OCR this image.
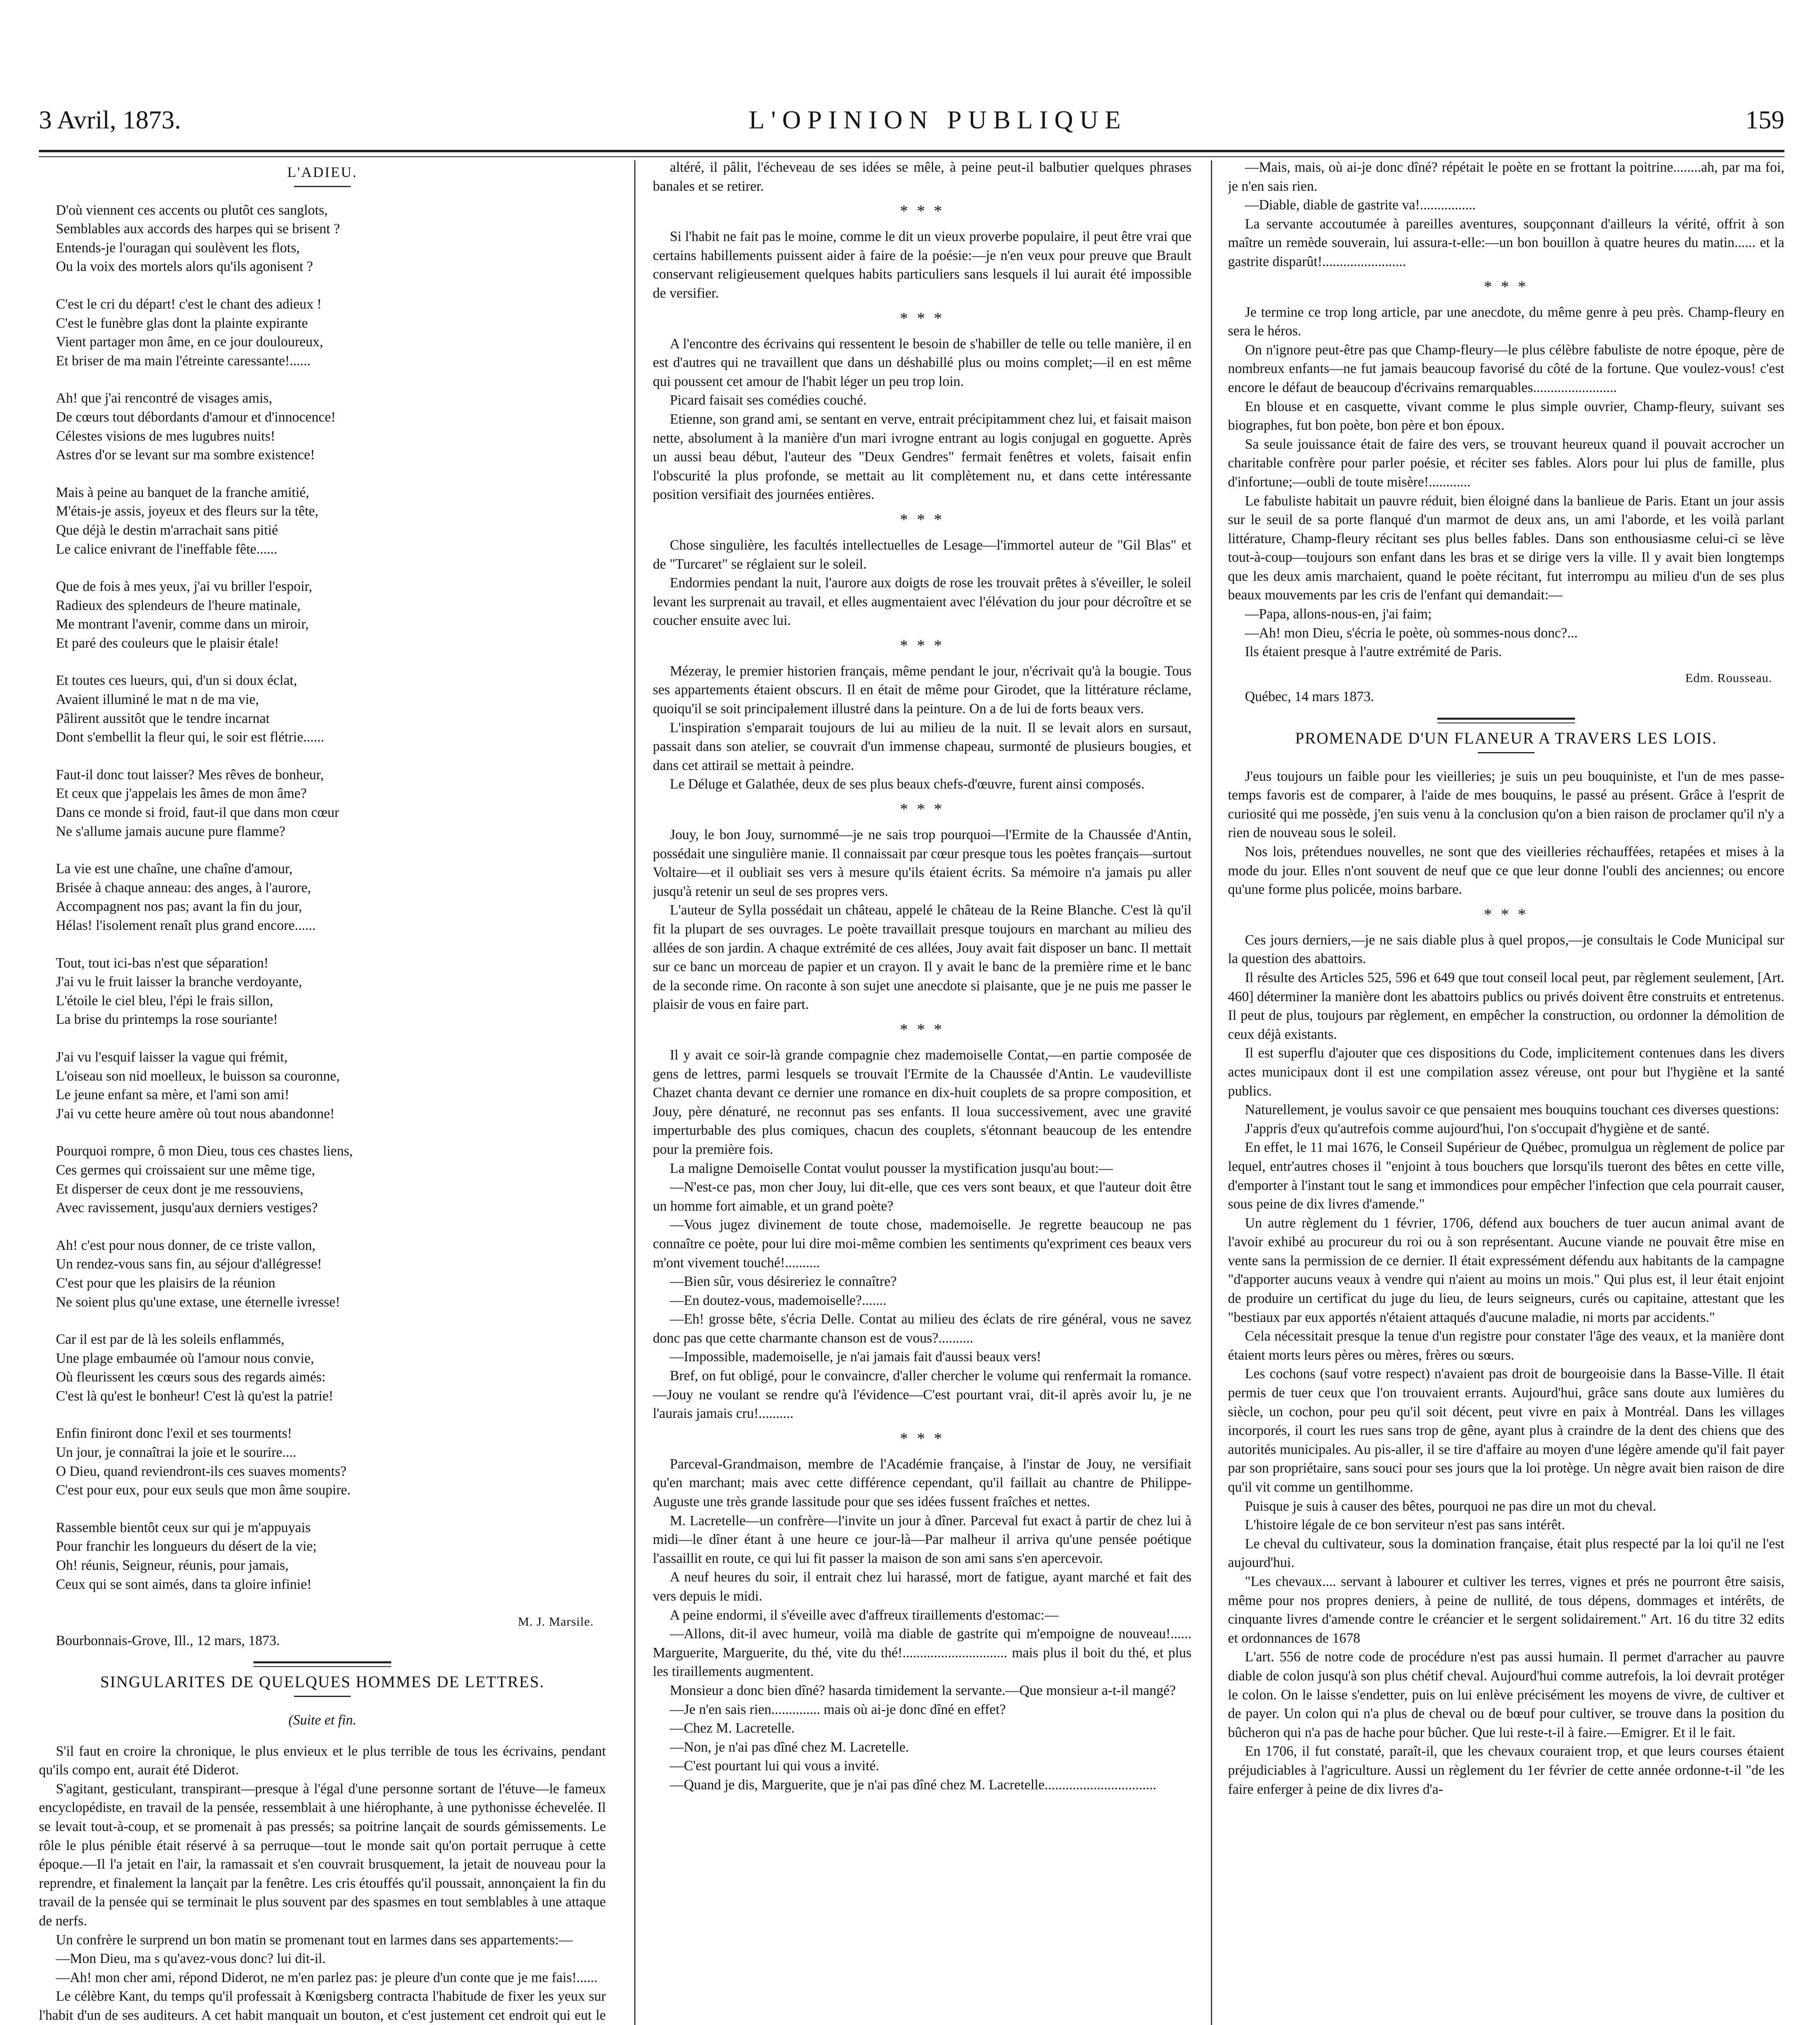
3 Avril, 1873.	L'OPINION PUBLIQUE	159
L'ADIEU.

D'où viennent ces accents ou plutôt ces sanglots,

Semblables aux accords des harpes qui se brisent ?

Entends-je l'ouragan qui soulèvent les flots,

Ou la voix des mortels alors qu'ils agonisent ?

C'est le cri du départ! c'est le chant des adieux !

C'est le funèbre glas dont la plainte expirante

Vient partager mon âme, en ce jour douloureux,

Et briser de ma main l'étreinte caressante!......

Ah! que j'ai rencontré de visages amis,

De cœurs tout débordants d'amour et d'innocence!

Célestes visions de mes lugubres nuits!

Astres d'or se levant sur ma sombre existence!

Mais à peine au banquet de la franche amitié,

M'étais-je assis, joyeux et des fleurs sur la tête,

Que déjà le destin m'arrachait sans pitié

Le calice enivrant de l'ineffable fête......

Que de fois à mes yeux, j'ai vu briller l'espoir,

Radieux des splendeurs de l'heure matinale,

Me montrant l'avenir, comme dans un miroir,

Et paré des couleurs que le plaisir étale!

Et toutes ces lueurs, qui, d'un si doux éclat,

Avaient illuminé le mat n de ma vie,

Pâlirent aussitôt que le tendre incarnat

Dont s'embellit la fleur qui, le soir est flétrie......

Faut-il donc tout laisser? Mes rêves de bonheur,

Et ceux que j'appelais les âmes de mon âme?

Dans ce monde si froid, faut-il que dans mon cœur

Ne s'allume jamais aucune pure flamme?

La vie est une chaîne, une chaîne d'amour,

Brisée à chaque anneau: des anges, à l'aurore,

Accompagnent nos pas; avant la fin du jour,

Hélas! l'isolement renaît plus grand encore......

Tout, tout ici-bas n'est que séparation!

J'ai vu le fruit laisser la branche verdoyante,

L'étoile le ciel bleu, l'épi le frais sillon,

La brise du printemps la rose souriante!

J'ai vu l'esquif laisser la vague qui frémit,

L'oiseau son nid moelleux, le buisson sa couronne,

Le jeune enfant sa mère, et l'ami son ami!

J'ai vu cette heure amère où tout nous abandonne!

Pourquoi rompre, ô mon Dieu, tous ces chastes liens,

Ces germes qui croissaient sur une même tige,

Et disperser de ceux dont je me ressouviens,

Avec ravissement, jusqu'aux derniers vestiges?

Ah! c'est pour nous donner, de ce triste vallon,

Un rendez-vous sans fin, au séjour d'allégresse!

C'est pour que les plaisirs de la réunion

Ne soient plus qu'une extase, une éternelle ivresse!

Car il est par de là les soleils enflammés,

Une plage embaumée où l'amour nous convie,

Où fleurissent les cœurs sous des regards aimés:

C'est là qu'est le bonheur! C'est là qu'est la patrie!

Enfin finiront donc l'exil et ses tourments!

Un jour, je connaîtrai la joie et le sourire....

O Dieu, quand reviendront-ils ces suaves moments?

C'est pour eux, pour eux seuls que mon âme soupire.

Rassemble bientôt ceux sur qui je m'appuyais

Pour franchir les longueurs du désert de la vie;

Oh! réunis, Seigneur, réunis, pour jamais,

Ceux qui se sont aimés, dans ta gloire infinie!

M. J. Marsile.

Bourbonnais-Grove, Ill., 12 mars, 1873.

SINGULARITES DE QUELQUES HOMMES DE LETTRES.
(Suite et fin.

S'il faut en croire la chronique, le plus envieux et le plus terrible de tous les écrivains, pendant qu'ils compo ent, aurait été Diderot.

S'agitant, gesticulant, transpirant—presque à l'égal d'une personne sortant de l'étuve—le fameux encyclopédiste, en travail de la pensée, ressemblait à une hiérophante, à une pythonisse échevelée. Il se levait tout-à-coup, et se promenait à pas pressés; sa poitrine lançait de sourds gémissements. Le rôle le plus pénible était réservé à sa perruque—tout le monde sait qu'on portait perruque à cette époque.—Il l'a jetait en l'air, la ramassait et s'en couvrait brusquement, la jetait de nouveau pour la reprendre, et finalement la lançait par la fenêtre. Les cris étouffés qu'il poussait, annonçaient la fin du travail de la pensée qui se terminait le plus souvent par des spasmes en tout semblables à une attaque de nerfs.

Un confrère le surprend un bon matin se promenant tout en larmes dans ses appartements:—

—Mon Dieu, ma s qu'avez-vous donc? lui dit-il.

—Ah! mon cher ami, répond Diderot, ne m'en parlez pas: je pleure d'un conte que je me fais!......

Le célèbre Kant, du temps qu'il professait à Kœnigsberg contracta l'habitude de fixer les yeux sur l'habit d'un de ses auditeurs. A cet habit manquait un bouton, et c'est justement cet endroit qui eut le

altéré, il pâlit, l'écheveau de ses idées se mêle, à peine peut-il balbutier quelques phrases banales et se retirer.

* * *

Si l'habit ne fait pas le moine, comme le dit un vieux proverbe populaire, il peut être vrai que certains habillements puissent aider à faire de la poésie:—je n'en veux pour preuve que Brault conservant religieusement quelques habits particuliers sans lesquels il lui aurait été impossible de versifier.

* * *

A l'encontre des écrivains qui ressentent le besoin de s'habiller de telle ou telle manière, il en est d'autres qui ne travaillent que dans un déshabillé plus ou moins complet;—il en est même qui poussent cet amour de l'habit léger un peu trop loin.

Picard faisait ses comédies couché.

Etienne, son grand ami, se sentant en verve, entrait précipitamment chez lui, et faisait maison nette, absolument à la manière d'un mari ivrogne entrant au logis conjugal en goguette. Après un aussi beau début, l'auteur des "Deux Gendres" fermait fenêtres et volets, faisait enfin l'obscurité la plus profonde, se mettait au lit complètement nu, et dans cette intéressante position versifiait des journées entières.

* * *

Chose singulière, les facultés intellectuelles de Lesage—l'immortel auteur de "Gil Blas" et de "Turcaret" se réglaient sur le soleil.

Endormies pendant la nuit, l'aurore aux doigts de rose les trouvait prêtes à s'éveiller, le soleil levant les surprenait au travail, et elles augmentaient avec l'élévation du jour pour décroître et se coucher ensuite avec lui.

* * *

Mézeray, le premier historien français, même pendant le jour, n'écrivait qu'à la bougie. Tous ses appartements étaient obscurs. Il en était de même pour Girodet, que la littérature réclame, quoiqu'il se soit principalement illustré dans la peinture. On a de lui de forts beaux vers.

L'inspiration s'emparait toujours de lui au milieu de la nuit. Il se levait alors en sursaut, passait dans son atelier, se couvrait d'un immense chapeau, surmonté de plusieurs bougies, et dans cet attirail se mettait à peindre.

Le Déluge et Galathée, deux de ses plus beaux chefs-d'œuvre, furent ainsi composés.

* * *

Jouy, le bon Jouy, surnommé—je ne sais trop pourquoi—l'Ermite de la Chaussée d'Antin, possédait une singulière manie. Il connaissait par cœur presque tous les poètes français—surtout Voltaire—et il oubliait ses vers à mesure qu'ils étaient écrits. Sa mémoire n'a jamais pu aller jusqu'à retenir un seul de ses propres vers.

L'auteur de Sylla possédait un château, appelé le château de la Reine Blanche. C'est là qu'il fit la plupart de ses ouvrages. Le poète travaillait presque toujours en marchant au milieu des allées de son jardin. A chaque extrémité de ces allées, Jouy avait fait disposer un banc. Il mettait sur ce banc un morceau de papier et un crayon. Il y avait le banc de la première rime et le banc de la seconde rime. On raconte à son sujet une anecdote si plaisante, que je ne puis me passer le plaisir de vous en faire part.

* * *

Il y avait ce soir-là grande compagnie chez mademoiselle Contat,—en partie composée de gens de lettres, parmi lesquels se trouvait l'Ermite de la Chaussée d'Antin. Le vaudevilliste Chazet chanta devant ce dernier une romance en dix-huit couplets de sa propre composition, et Jouy, père dénaturé, ne reconnut pas ses enfants. Il loua successivement, avec une gravité imperturbable des plus comiques, chacun des couplets, s'étonnant beaucoup de les entendre pour la première fois.

La maligne Demoiselle Contat voulut pousser la mystification jusqu'au bout:—

—N'est-ce pas, mon cher Jouy, lui dit-elle, que ces vers sont beaux, et que l'auteur doit être un homme fort aimable, et un grand poète?

—Vous jugez divinement de toute chose, mademoiselle. Je regrette beaucoup ne pas connaître ce poète, pour lui dire moi-même combien les sentiments qu'expriment ces beaux vers m'ont vivement touché!..........

—Bien sûr, vous désireriez le connaître?

—En doutez-vous, mademoiselle?.......

—Eh! grosse bête, s'écria Delle. Contat au milieu des éclats de rire général, vous ne savez donc pas que cette charmante chanson est de vous?..........

—Impossible, mademoiselle, je n'ai jamais fait d'aussi beaux vers!

Bref, on fut obligé, pour le convaincre, d'aller chercher le volume qui renfermait la romance.—Jouy ne voulant se rendre qu'à l'évidence—C'est pourtant vrai, dit-il après avoir lu, je ne l'aurais jamais cru!..........

* * *

Parceval-Grandmaison, membre de l'Académie française, à l'instar de Jouy, ne versifiait qu'en marchant; mais avec cette différence cependant, qu'il faillait au chantre de Philippe-Auguste une très grande lassitude pour que ses idées fussent fraîches et nettes.

M. Lacretelle—un confrère—l'invite un jour à dîner. Parceval fut exact à partir de chez lui à midi—le dîner étant à une heure ce jour-là—Par malheur il arriva qu'une pensée poétique l'assaillit en route, ce qui lui fit passer la maison de son ami sans s'en apercevoir.

A neuf heures du soir, il entrait chez lui harassé, mort de fatigue, ayant marché et fait des vers depuis le midi.

A peine endormi, il s'éveille avec d'affreux tiraillements d'estomac:—

—Allons, dit-il avec humeur, voilà ma diable de gastrite qui m'empoigne de nouveau!...... Marguerite, Marguerite, du thé, vite du thé!.............................. mais plus il boit du thé, et plus les tiraillements augmentent.

Monsieur a donc bien dîné? hasarda timidement la servante.—Que monsieur a-t-il mangé?

—Je n'en sais rien.............. mais où ai-je donc dîné en effet?

—Chez M. Lacretelle.

—Non, je n'ai pas dîné chez M. Lacretelle.

—C'est pourtant lui qui vous a invité.

—Quand je dis, Marguerite, que je n'ai pas dîné chez M. Lacretelle................................

—Mais, mais, où ai-je donc dîné? répétait le poète en se frottant la poitrine........ah, par ma foi, je n'en sais rien.

—Diable, diable de gastrite va!................

La servante accoutumée à pareilles aventures, soupçonnant d'ailleurs la vérité, offrit à son maître un remède souverain, lui assura-t-elle:—un bon bouillon à quatre heures du matin...... et la gastrite disparût!........................

* * *

Je termine ce trop long article, par une anecdote, du même genre à peu près. Champ-fleury en sera le héros.

On n'ignore peut-être pas que Champ-fleury—le plus célèbre fabuliste de notre époque, père de nombreux enfants—ne fut jamais beaucoup favorisé du côté de la fortune. Que voulez-vous! c'est encore le défaut de beaucoup d'écrivains remarquables........................

En blouse et en casquette, vivant comme le plus simple ouvrier, Champ-fleury, suivant ses biographes, fut bon poète, bon père et bon époux.

Sa seule jouissance était de faire des vers, se trouvant heureux quand il pouvait accrocher un charitable confrère pour parler poésie, et réciter ses fables. Alors pour lui plus de famille, plus d'infortune;—oubli de toute misère!............

Le fabuliste habitait un pauvre réduit, bien éloigné dans la banlieue de Paris. Etant un jour assis sur le seuil de sa porte flanqué d'un marmot de deux ans, un ami l'aborde, et les voilà parlant littérature, Champ-fleury récitant ses plus belles fables. Dans son enthousiasme celui-ci se lève tout-à-coup—toujours son enfant dans les bras et se dirige vers la ville. Il y avait bien longtemps que les deux amis marchaient, quand le poète récitant, fut interrompu au milieu d'un de ses plus beaux mouvements par les cris de l'enfant qui demandait:—

—Papa, allons-nous-en, j'ai faim;

—Ah! mon Dieu, s'écria le poète, où sommes-nous donc?...

Ils étaient presque à l'autre extrémité de Paris.

Edm. Rousseau.

Québec, 14 mars 1873.

PROMENADE D'UN FLANEUR A TRAVERS LES LOIS.

J'eus toujours un faible pour les vieilleries; je suis un peu bouquiniste, et l'un de mes passe-temps favoris est de comparer, à l'aide de mes bouquins, le passé au présent. Grâce à l'esprit de curiosité qui me possède, j'en suis venu à la conclusion qu'on a bien raison de proclamer qu'il n'y a rien de nouveau sous le soleil.

Nos lois, prétendues nouvelles, ne sont que des vieilleries réchauffées, retapées et mises à la mode du jour. Elles n'ont souvent de neuf que ce que leur donne l'oubli des anciennes; ou encore qu'une forme plus policée, moins barbare.

* * *

Ces jours derniers,—je ne sais diable plus à quel propos,—je consultais le Code Municipal sur la question des abattoirs.

Il résulte des Articles 525, 596 et 649 que tout conseil local peut, par règlement seulement, [Art. 460] déterminer la manière dont les abattoirs publics ou privés doivent être construits et entretenus. Il peut de plus, toujours par règlement, en empêcher la construction, ou ordonner la démolition de ceux déjà existants.

Il est superflu d'ajouter que ces dispositions du Code, implicitement contenues dans les divers actes municipaux dont il est une compilation assez véreuse, ont pour but l'hygiène et la santé publics.

Naturellement, je voulus savoir ce que pensaient mes bouquins touchant ces diverses questions:

J'appris d'eux qu'autrefois comme aujourd'hui, l'on s'occupait d'hygiène et de santé.

En effet, le 11 mai 1676, le Conseil Supérieur de Québec, promulgua un règlement de police par lequel, entr'autres choses il "enjoint à tous bouchers que lorsqu'ils tueront des bêtes en cette ville, d'emporter à l'instant tout le sang et immondices pour empêcher l'infection que cela pourrait causer, sous peine de dix livres d'amende."

Un autre règlement du 1 février, 1706, défend aux bouchers de tuer aucun animal avant de l'avoir exhibé au procureur du roi ou à son représentant. Aucune viande ne pouvait être mise en vente sans la permission de ce dernier. Il était expressément défendu aux habitants de la campagne "d'apporter aucuns veaux à vendre qui n'aient au moins un mois." Qui plus est, il leur était enjoint de produire un certificat du juge du lieu, de leurs seigneurs, curés ou capitaine, attestant que les "bestiaux par eux apportés n'étaient attaqués d'aucune maladie, ni morts par accidents."

Cela nécessitait presque la tenue d'un registre pour constater l'âge des veaux, et la manière dont étaient morts leurs pères ou mères, frères ou sœurs.

Les cochons (sauf votre respect) n'avaient pas droit de bourgeoisie dans la Basse-Ville. Il était permis de tuer ceux que l'on trouvaient errants. Aujourd'hui, grâce sans doute aux lumières du siècle, un cochon, pour peu qu'il soit décent, peut vivre en paix à Montréal. Dans les villages incorporés, il court les rues sans trop de gêne, ayant plus à craindre de la dent des chiens que des autorités municipales. Au pis-aller, il se tire d'affaire au moyen d'une légère amende qu'il fait payer par son propriétaire, sans souci pour ses jours que la loi protège. Un nègre avait bien raison de dire qu'il vit comme un gentilhomme.

Puisque je suis à causer des bêtes, pourquoi ne pas dire un mot du cheval.

L'histoire légale de ce bon serviteur n'est pas sans intérêt.

Le cheval du cultivateur, sous la domination française, était plus respecté par la loi qu'il ne l'est aujourd'hui.

"Les chevaux.... servant à labourer et cultiver les terres, vignes et prés ne pourront être saisis, même pour nos propres deniers, à peine de nullité, de tous dépens, dommages et intérêts, de cinquante livres d'amende contre le créancier et le sergent solidairement." Art. 16 du titre 32 edits et ordonnances de 1678

L'art. 556 de notre code de procédure n'est pas aussi humain. Il permet d'arracher au pauvre diable de colon jusqu'à son plus chétif cheval. Aujourd'hui comme autrefois, la loi devrait protéger le colon. On le laisse s'endetter, puis on lui enlève précisément les moyens de vivre, de cultiver et de payer. Un colon qui n'a plus de cheval ou de bœuf pour cultiver, se trouve dans la position du bûcheron qui n'a pas de hache pour bûcher. Que lui reste-t-il à faire.—Emigrer. Et il le fait.

En 1706, il fut constaté, paraît-il, que les chevaux couraient trop, et que leurs courses étaient préjudiciables à l'agriculture. Aussi un règlement du 1er février de cette année ordonne-t-il "de les faire enferger à peine de dix livres d'a-
